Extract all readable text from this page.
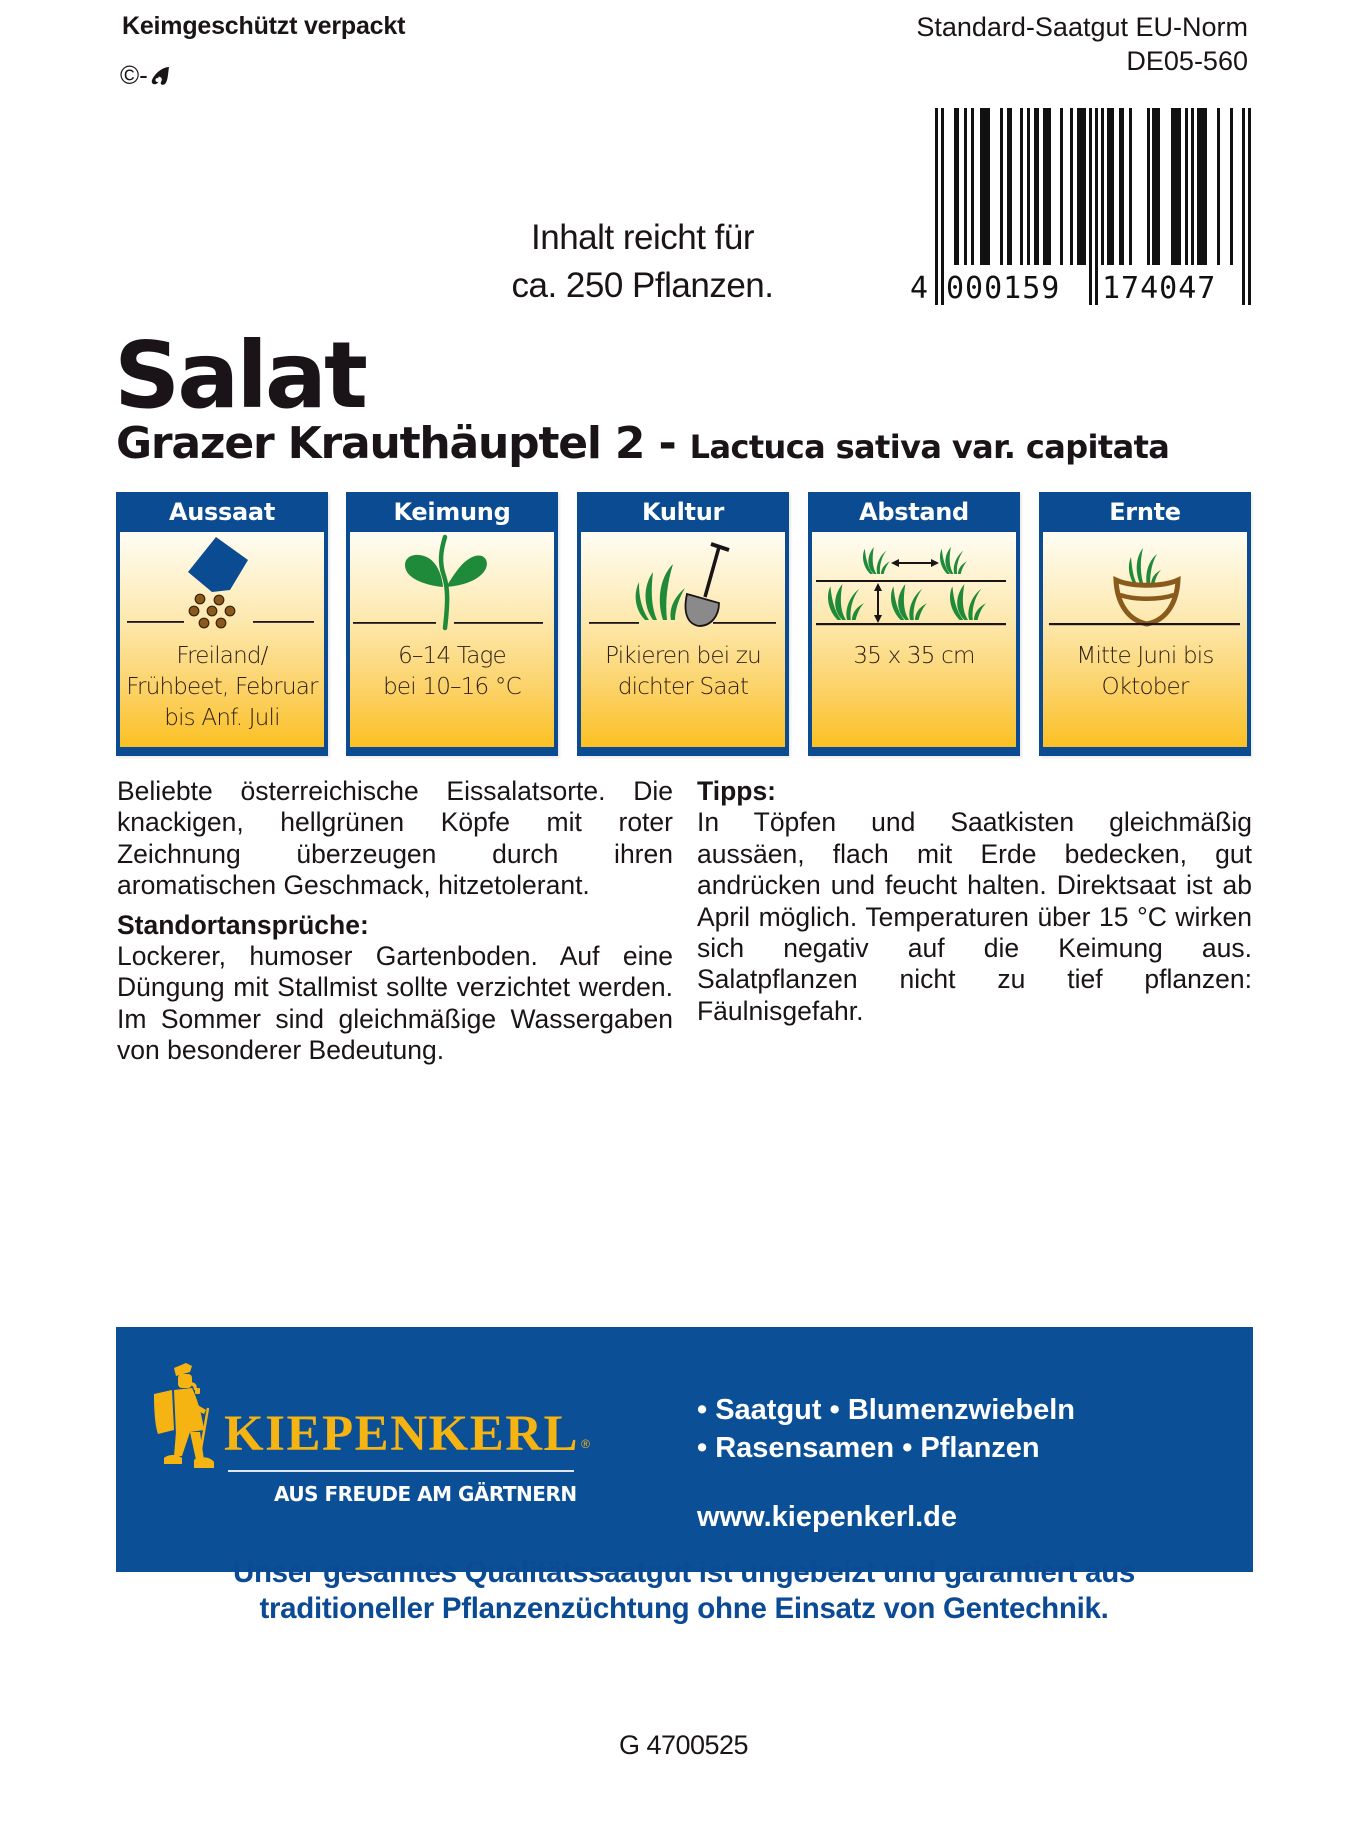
Keimgeschützt verpackt
©-
Standard-Saatgut EU-Norm
DE05-560
4 000159 174047
Inhalt reicht für
ca. 250 Pflanzen.
Salat
Grazer Krauthäuptel 2 - Lactuca sativa var. capitata
Aussaat
Freiland/
Frühbeet, Februar
bis Anf. Juli
Keimung
6–14 Tage
bei 10–16 °C
Kultur
Pikieren bei zu
dichter Saat
Abstand
35 x 35 cm
Ernte
Mitte Juni bis
Oktober

Beliebte österreichische Eissalatsorte. Die knackigen, hellgrünen Köpfe mit roter Zeichnung überzeugen durch ihren aromatischen Geschmack, hitzetolerant.

Standortansprüche:

Lockerer, humoser Gartenboden. Auf eine Düngung mit Stallmist sollte verzichtet werden. Im Sommer sind gleichmäßige Wassergaben von besonderer Bedeutung.

Tipps:

In Töpfen und Saatkisten gleichmäßig aussäen, flach mit Erde bedecken, gut andrücken und feucht halten. Direktsaat ist ab April möglich. Temperaturen über 15 °C wirken sich negativ auf die Keimung aus. Salatpflanzen nicht zu tief pflanzen: Fäulnisgefahr.

KIEPENKERL ®
AUS FREUDE AM GÄRTNERN
• Saatgut • Blumenzwiebeln
• Rasensamen • Pflanzen
www.kiepenkerl.de
Unser gesamtes Qualitätssaatgut ist ungebeizt und garantiert aus
traditioneller Pflanzenzüchtung ohne Einsatz von Gentechnik.
G 4700525
